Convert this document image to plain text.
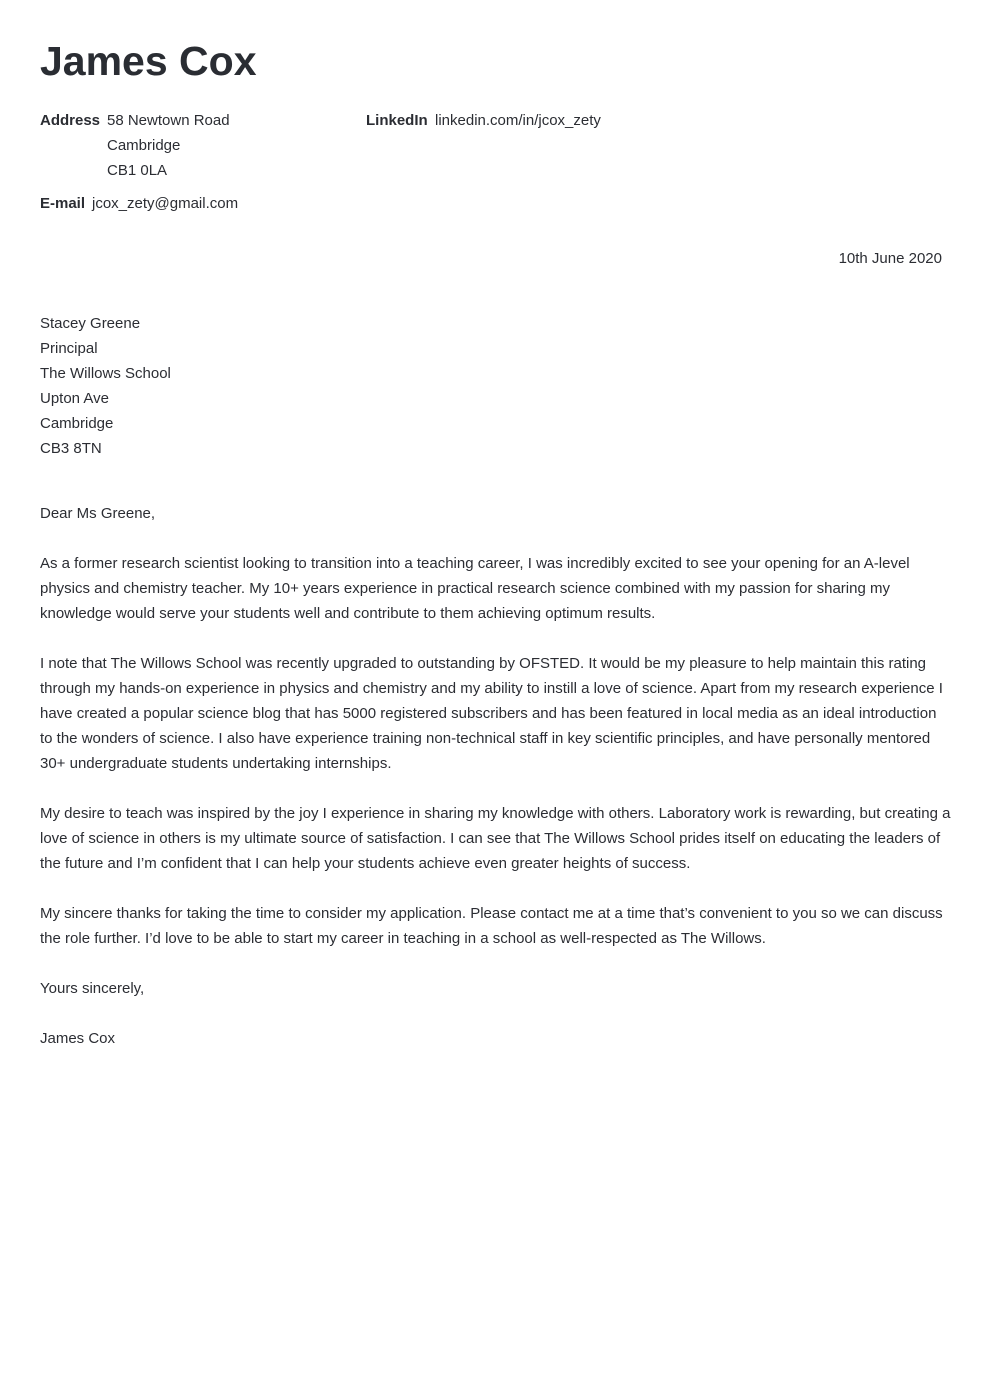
James Cox
Address 58 Newtown Road
Cambridge
CB1 0LA
LinkedIn linkedin.com/in/jcox_zety
E-mail jcox_zety@gmail.com
10th June 2020
Stacey Greene
Principal
The Willows School
Upton Ave
Cambridge
CB3 8TN

Dear Ms Greene,

As a former research scientist looking to transition into a teaching career, I was incredibly excited to see your opening for an A-level physics and chemistry teacher. My 10+ years experience in practical research science combined with my passion for sharing my knowledge would serve your students well and contribute to them achieving optimum results.

I note that The Willows School was recently upgraded to outstanding by OFSTED. It would be my pleasure to help maintain this rating through my hands-on experience in physics and chemistry and my ability to instill a love of science. Apart from my research experience I have created a popular science blog that has 5000 registered subscribers and has been featured in local media as an ideal introduction to the wonders of science. I also have experience training non-technical staff in key scientific principles, and have personally mentored 30+ undergraduate students undertaking internships.

My desire to teach was inspired by the joy I experience in sharing my knowledge with others. Laboratory work is rewarding, but creating a love of science in others is my ultimate source of satisfaction. I can see that The Willows School prides itself on educating the leaders of the future and I’m confident that I can help your students achieve even greater heights of success.

My sincere thanks for taking the time to consider my application. Please contact me at a time that’s convenient to you so we can discuss the role further. I’d love to be able to start my career in teaching in a school as well-respected as The Willows.

Yours sincerely,

James Cox
